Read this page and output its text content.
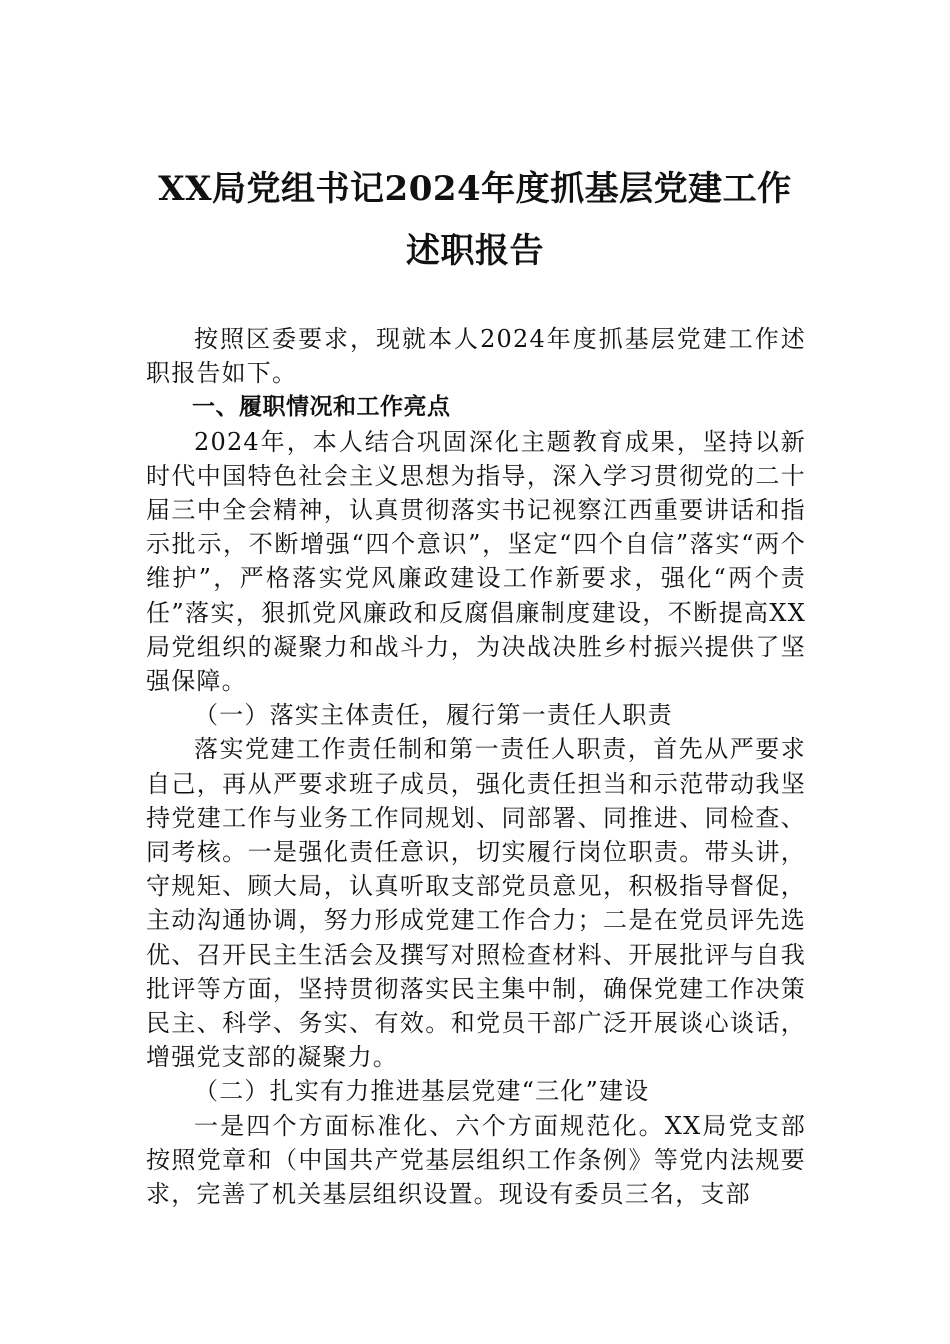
XX局党组书记2024年度抓基层党建工作
述职报告

按照区委要求，现就本人2024年度抓基层党建工作述职报告如下。

一、履职情况和工作亮点

2024年，本人结合巩固深化主题教育成果，坚持以新时代中国特色社会主义思想为指导，深入学习贯彻党的二十届三中全会精神，认真贯彻落实书记视察江西重要讲话和指示批示，不断增强“四个意识”，坚定“四个自信”落实“两个维护”，严格落实党风廉政建设工作新要求，强化“两个责任”落实，狠抓党风廉政和反腐倡廉制度建设，不断提高XX局党组织的凝聚力和战斗力，为决战决胜乡村振兴提供了坚强保障。

（一）落实主体责任，履行第一责任人职责

落实党建工作责任制和第一责任人职责，首先从严要求自己，再从严要求班子成员，强化责任担当和示范带动我坚持党建工作与业务工作同规划、同部署、同推进、同检查、同考核。一是强化责任意识，切实履行岗位职责。带头讲，守规矩、顾大局，认真听取支部党员意见，积极指导督促，主动沟通协调，努力形成党建工作合力；二是在党员评先选优、召开民主生活会及撰写对照检查材料、开展批评与自我批评等方面，坚持贯彻落实民主集中制，确保党建工作决策民主、科学、务实、有效。和党员干部广泛开展谈心谈话，增强党支部的凝聚力。

（二）扎实有力推进基层党建“三化”建设

一是四个方面标准化、六个方面规范化。XX局党支部按照党章和（中国共产党基层组织工作条例》等党内法规要求，完善了机关基层组织设置。现设有委员三名，支部
